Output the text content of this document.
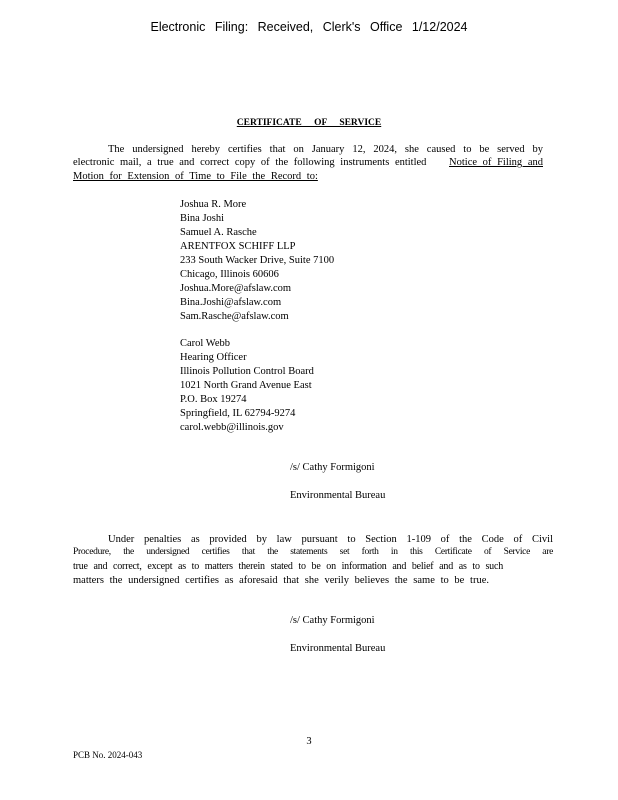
Electronic Filing: Received, Clerk's Office 1/12/2024
CERTIFICATE OF SERVICE
The undersigned hereby certifies that on January 12, 2024, she caused to be served by
electronic mail, a true and correct copy of the following instruments entitled Notice of Filing and
Motion for Extension of Time to File the Record to:
Joshua R. More
Bina Joshi
Samuel A. Rasche
ARENTFOX SCHIFF LLP
233 South Wacker Drive, Suite 7100
Chicago, Illinois 60606
Joshua.More@afslaw.com
Bina.Joshi@afslaw.com
Sam.Rasche@afslaw.com
Carol Webb
Hearing Officer
Illinois Pollution Control Board
1021 North Grand Avenue East
P.O. Box 19274
Springfield, IL 62794-9274
carol.webb@illinois.gov
/s/ Cathy Formigoni
Environmental Bureau
Under penalties as provided by law pursuant to Section 1-109 of the Code of Civil
Procedure, the undersigned certifies that the statements set forth in this Certificate of Service are
true and correct, except as to matters therein stated to be on information and belief and as to such
matters the undersigned certifies as aforesaid that she verily believes the same to be true.
/s/ Cathy Formigoni
Environmental Bureau
3
PCB No. 2024-043
